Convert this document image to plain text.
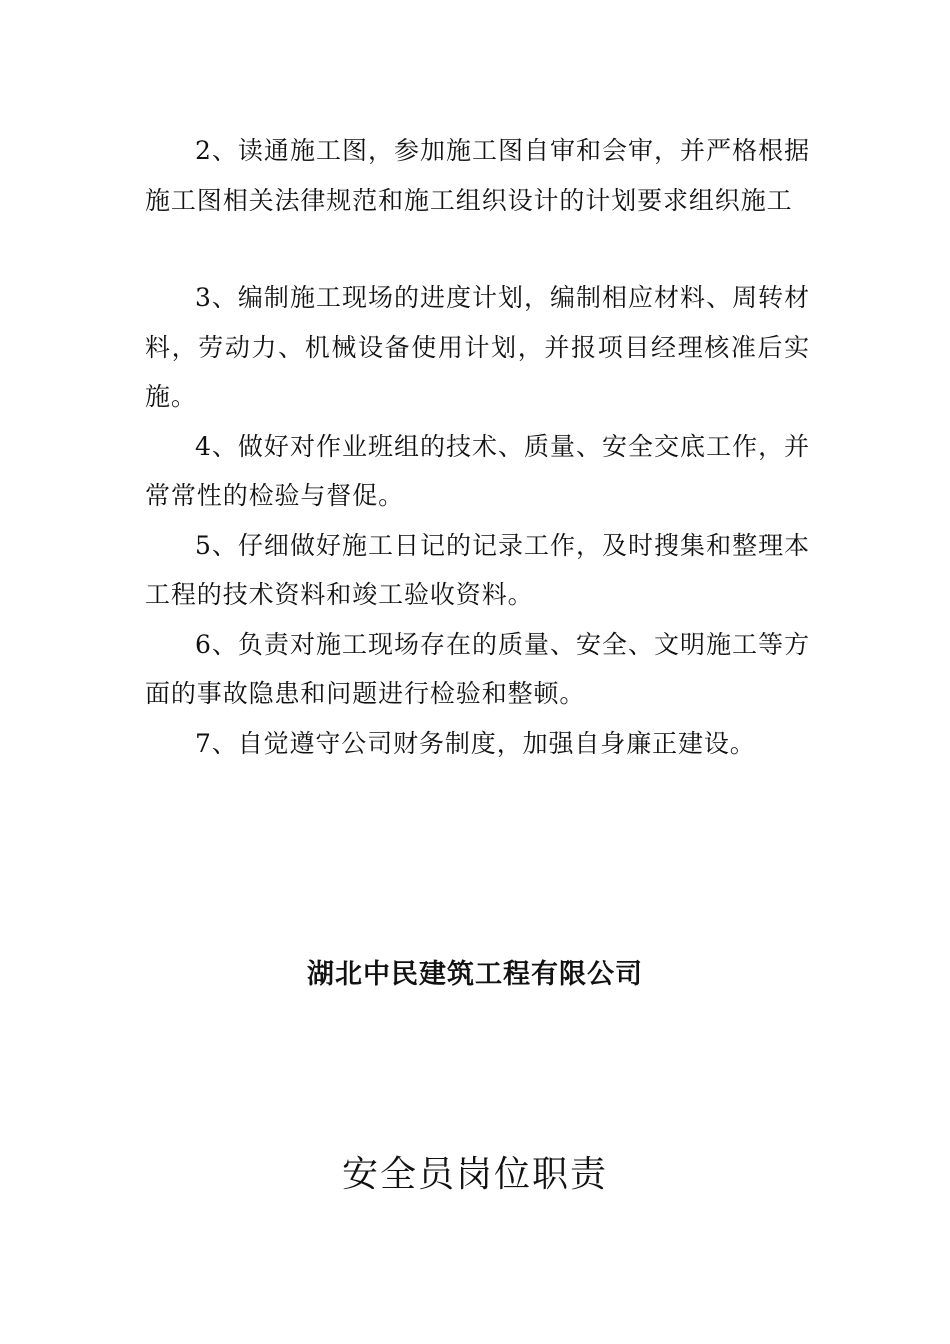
2、读通施工图，参加施工图自审和会审，并严格根据施工图相关法律规范和施工组织设计的计划要求组织施工

3、编制施工现场的进度计划，编制相应材料、周转材料，劳动力、机械设备使用计划，并报项目经理核准后实施。

4、做好对作业班组的技术、质量、安全交底工作，并常常性的检验与督促。

5、仔细做好施工日记的记录工作，及时搜集和整理本工程的技术资料和竣工验收资料。

6、负责对施工现场存在的质量、安全、文明施工等方面的事故隐患和问题进行检验和整顿。

7、自觉遵守公司财务制度，加强自身廉正建设。

湖北中民建筑工程有限公司
安全员岗位职责
